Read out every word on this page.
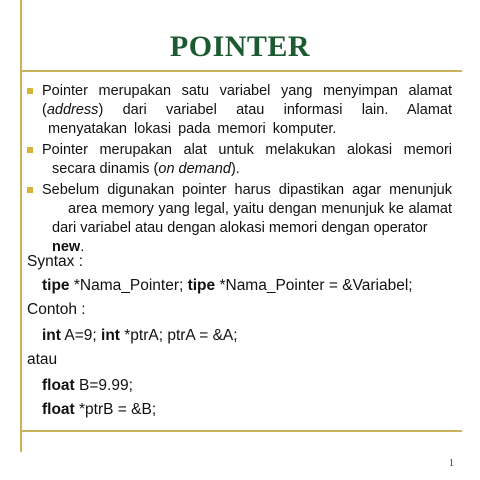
POINTER

Pointer merupakan satu variabel yang menyimpan alamat

(address) dari variabel atau informasi lain. Alamat

menyatakan lokasi pada memori komputer.

Pointer merupakan alat untuk melakukan alokasi memori

secara dinamis (on demand).

Sebelum digunakan pointer harus dipastikan agar menunjuk

area memory yang legal, yaitu dengan menunjuk ke alamat

dari variabel atau dengan alokasi memori dengan operator new.

Syntax :
tipe *Nama_Pointer; tipe *Nama_Pointer = &Variabel;
Contoh :
int A=9; int *ptrA; ptrA = &A;
atau
float B=9.99;
float *ptrB = &B;
1
